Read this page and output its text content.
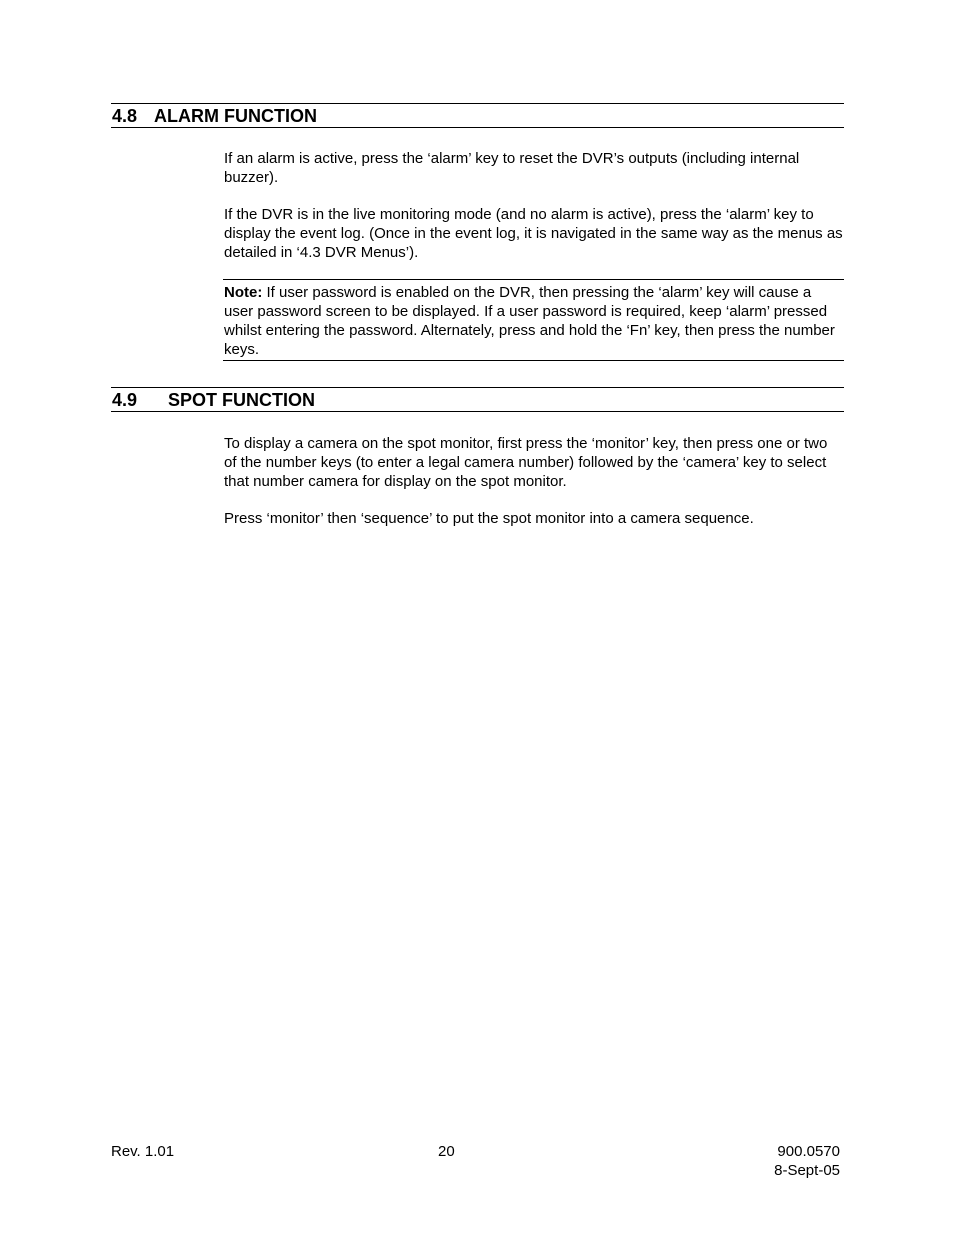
4.8 ALARM FUNCTION

If an alarm is active, press the ‘alarm’ key to reset the DVR’s outputs (including internal buzzer).

If the DVR is in the live monitoring mode (and no alarm is active), press the ‘alarm’ key to display the event log. (Once in the event log, it is navigated in the same way as the menus as detailed in ‘4.3 DVR Menus’).

Note: If user password is enabled on the DVR, then pressing the ‘alarm’ key will cause a user password screen to be displayed. If a user password is required, keep ‘alarm’ pressed whilst entering the password. Alternately, press and hold the ‘Fn’ key, then press the number keys.
4.9 SPOT FUNCTION

To display a camera on the spot monitor, first press the ‘monitor’ key, then press one or two of the number keys (to enter a legal camera number) followed by the ‘camera’ key to select that number camera for display on the spot monitor.

Press ‘monitor’ then ‘sequence’ to put the spot monitor into a camera sequence.

Rev. 1.01	20	900.0570
8-Sept-05
